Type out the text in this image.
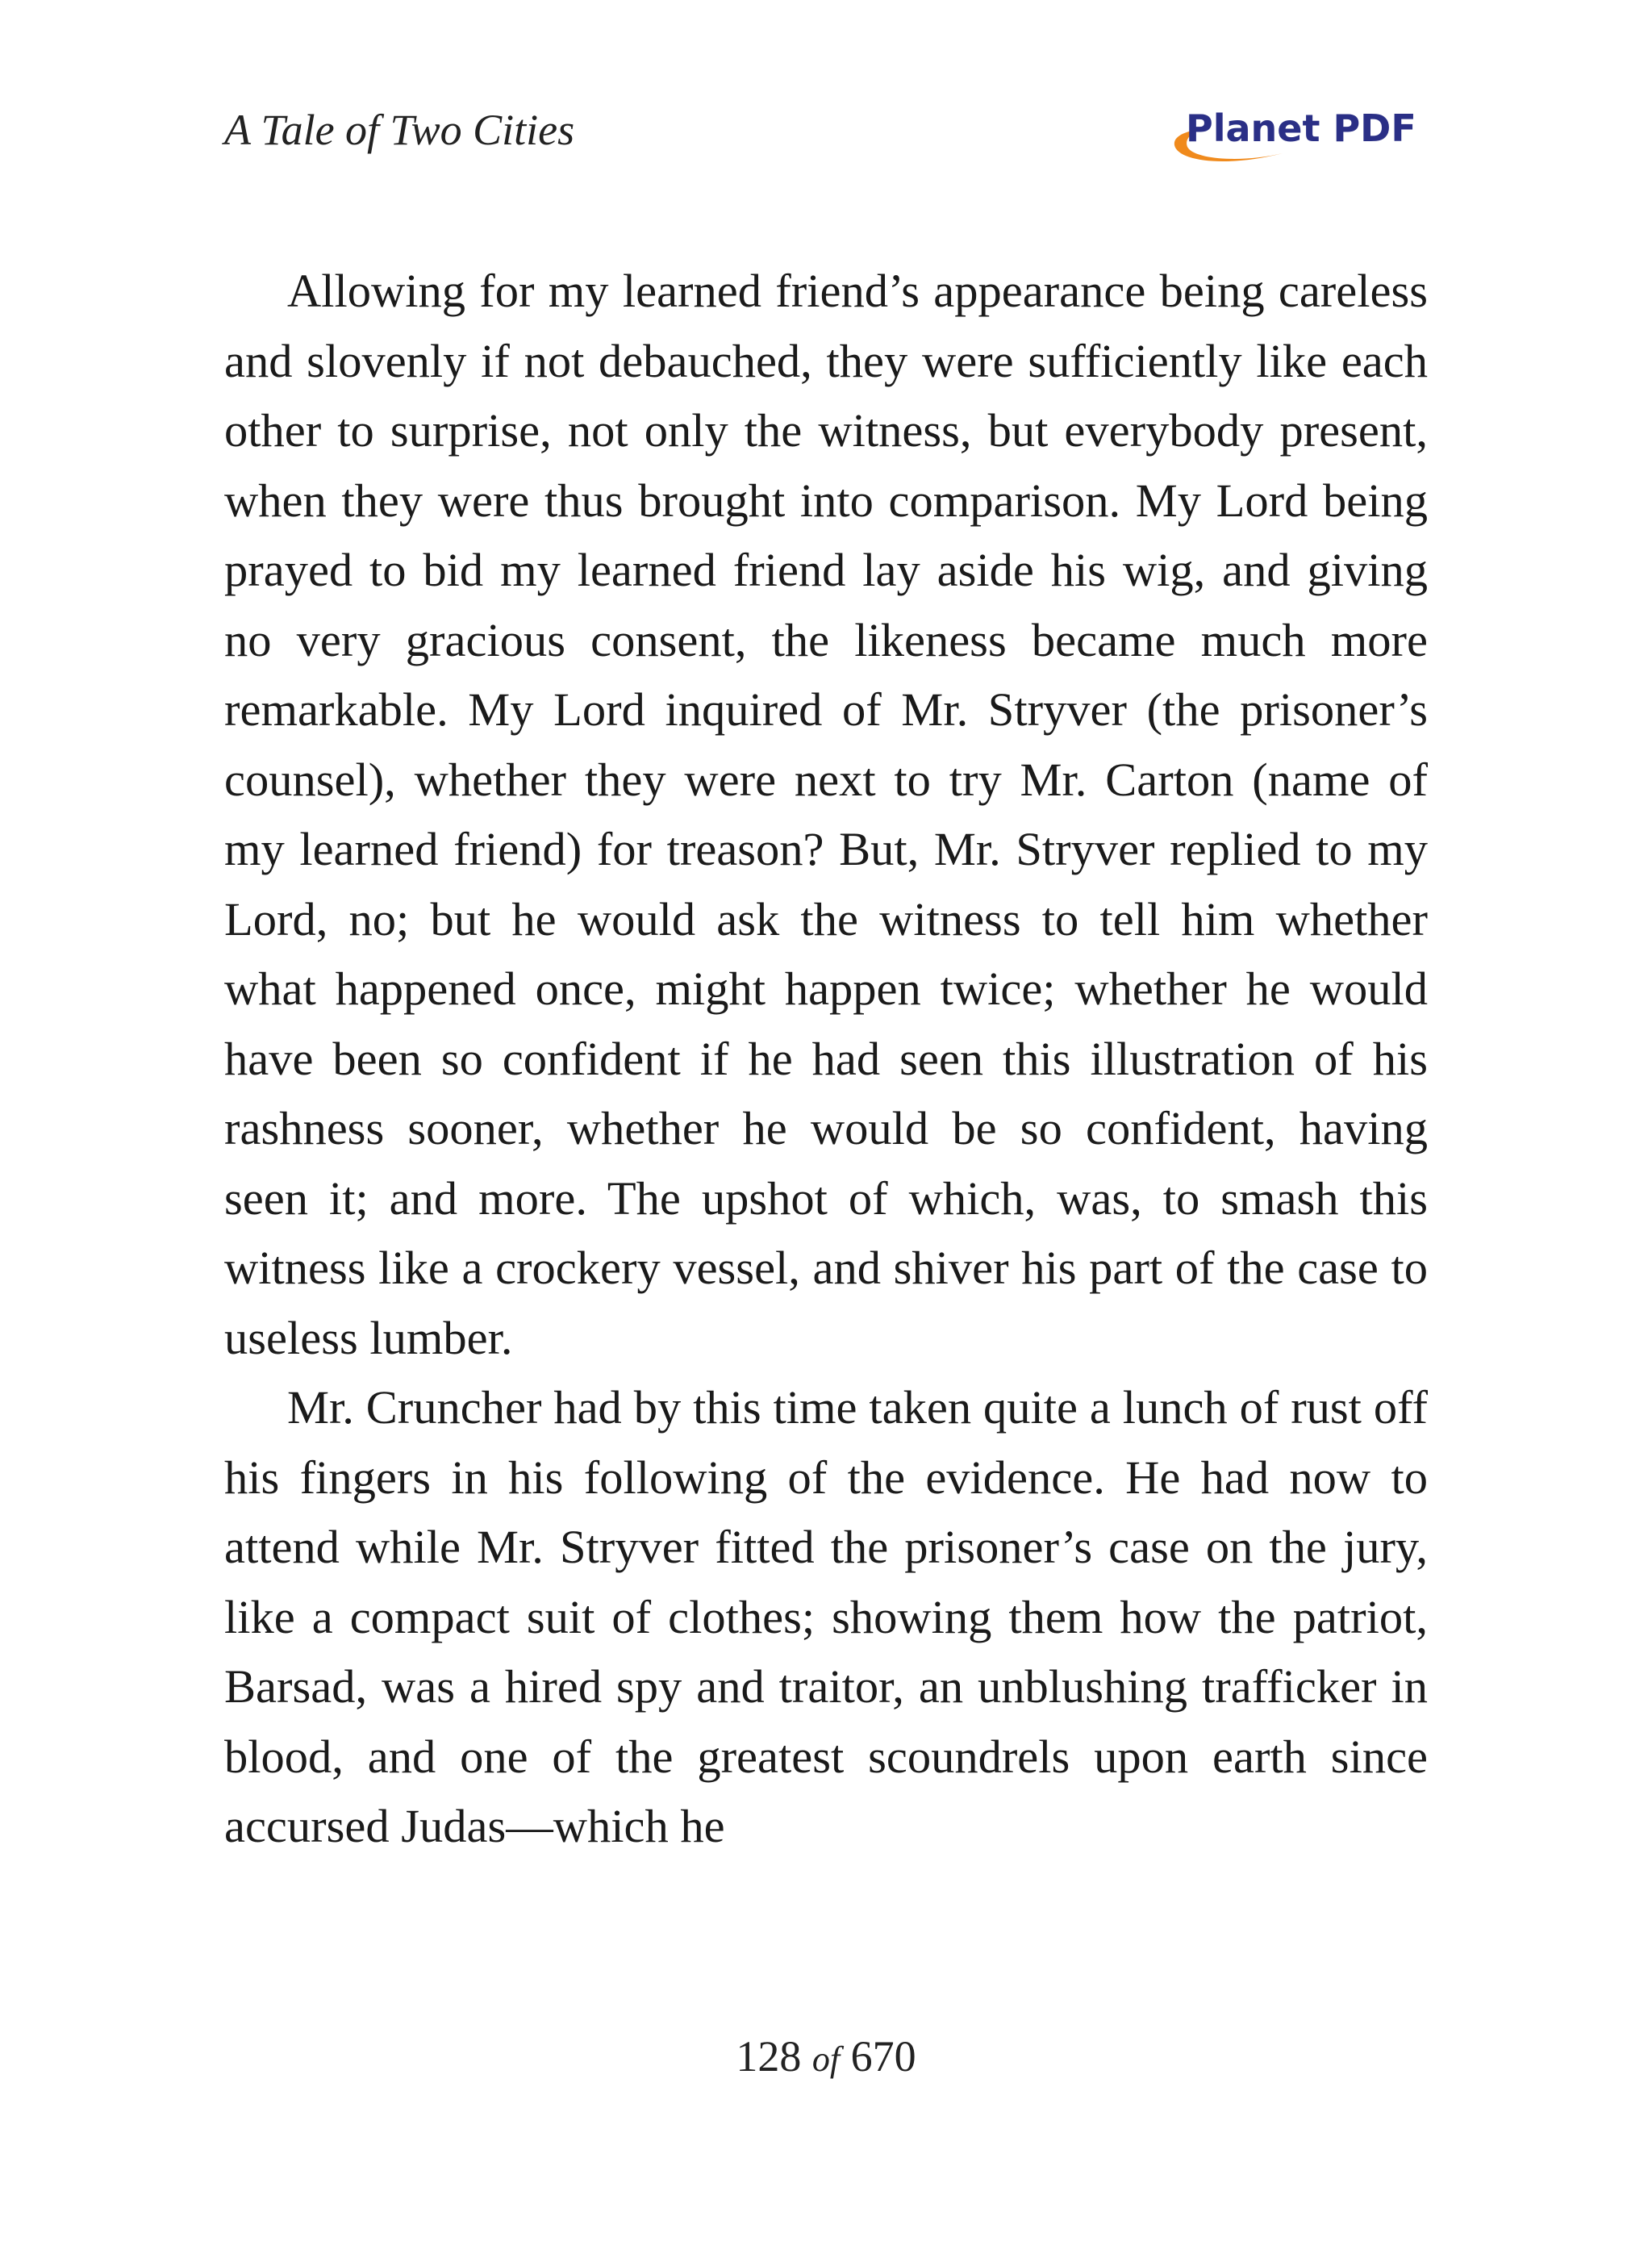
A Tale of Two Cities	Planet PDF

Allowing for my learned friend’s appearance being careless and slovenly if not debauched, they were sufficiently like each other to surprise, not only the witness, but everybody present, when they were thus brought into comparison. My Lord being prayed to bid my learned friend lay aside his wig, and giving no very gracious consent, the likeness became much more remarkable. My Lord inquired of Mr. Stryver (the prisoner’s counsel), whether they were next to try Mr. Carton (name of my learned friend) for treason? But, Mr. Stryver replied to my Lord, no; but he would ask the witness to tell him whether what happened once, might happen twice; whether he would have been so confident if he had seen this illustration of his rashness sooner, whether he would be so confident, having seen it; and more. The upshot of which, was, to smash this witness like a crockery vessel, and shiver his part of the case to useless lumber.

Mr. Cruncher had by this time taken quite a lunch of rust off his fingers in his following of the evidence. He had now to attend while Mr. Stryver fitted the prisoner’s case on the jury, like a compact suit of clothes; showing them how the patriot, Barsad, was a hired spy and traitor, an unblushing trafficker in blood, and one of the greatest scoundrels upon earth since accursed Judas—which he

128 of 670
